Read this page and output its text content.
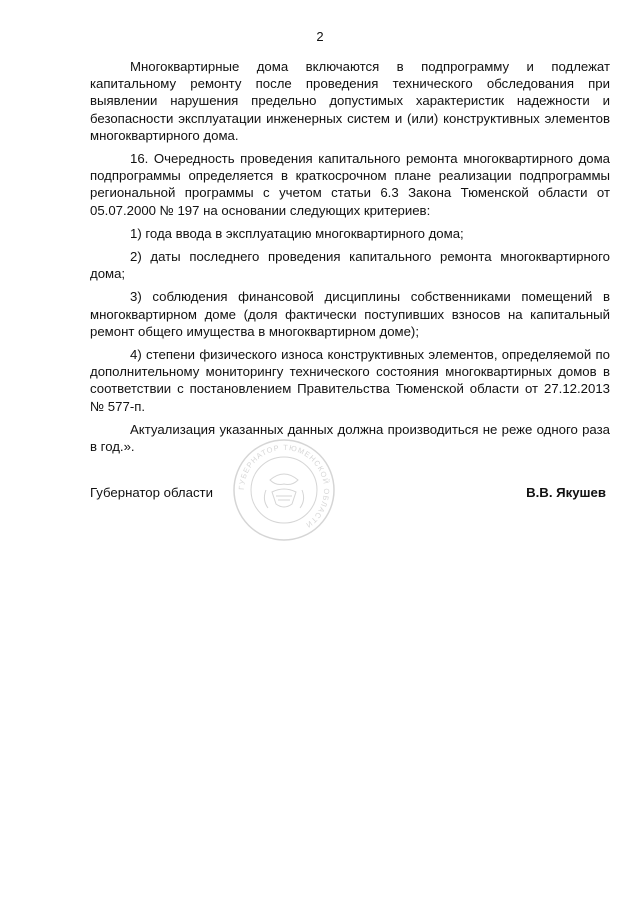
2

Многоквартирные дома включаются в подпрограмму и подлежат капитальному ремонту после проведения технического обследования при выявлении нарушения предельно допустимых характеристик надежности и безопасности эксплуатации инженерных систем и (или) конструктивных элементов многоквартирного дома.

16. Очередность проведения капитального ремонта многоквартирного дома подпрограммы определяется в краткосрочном плане реализации подпрограммы региональной программы с учетом статьи 6.3 Закона Тюменской области от 05.07.2000 № 197 на основании следующих критериев:

1) года ввода в эксплуатацию многоквартирного дома;

2) даты последнего проведения капитального ремонта многоквартирного дома;

3) соблюдения финансовой дисциплины собственниками помещений в многоквартирном доме (доля фактически поступивших взносов на капитальный ремонт общего имущества в многоквартирном доме);

4) степени физического износа конструктивных элементов, определяемой по дополнительному мониторингу технического состояния многоквартирных домов в соответствии с постановлением Правительства Тюменской области от 27.12.2013 № 577-п.

Актуализация указанных данных должна производиться не реже одного раза в год.».

Губернатор области	В.В. Якушев
ГУБЕРНАТОР ТЮМЕНСКОЙ ОБЛАСТИ
